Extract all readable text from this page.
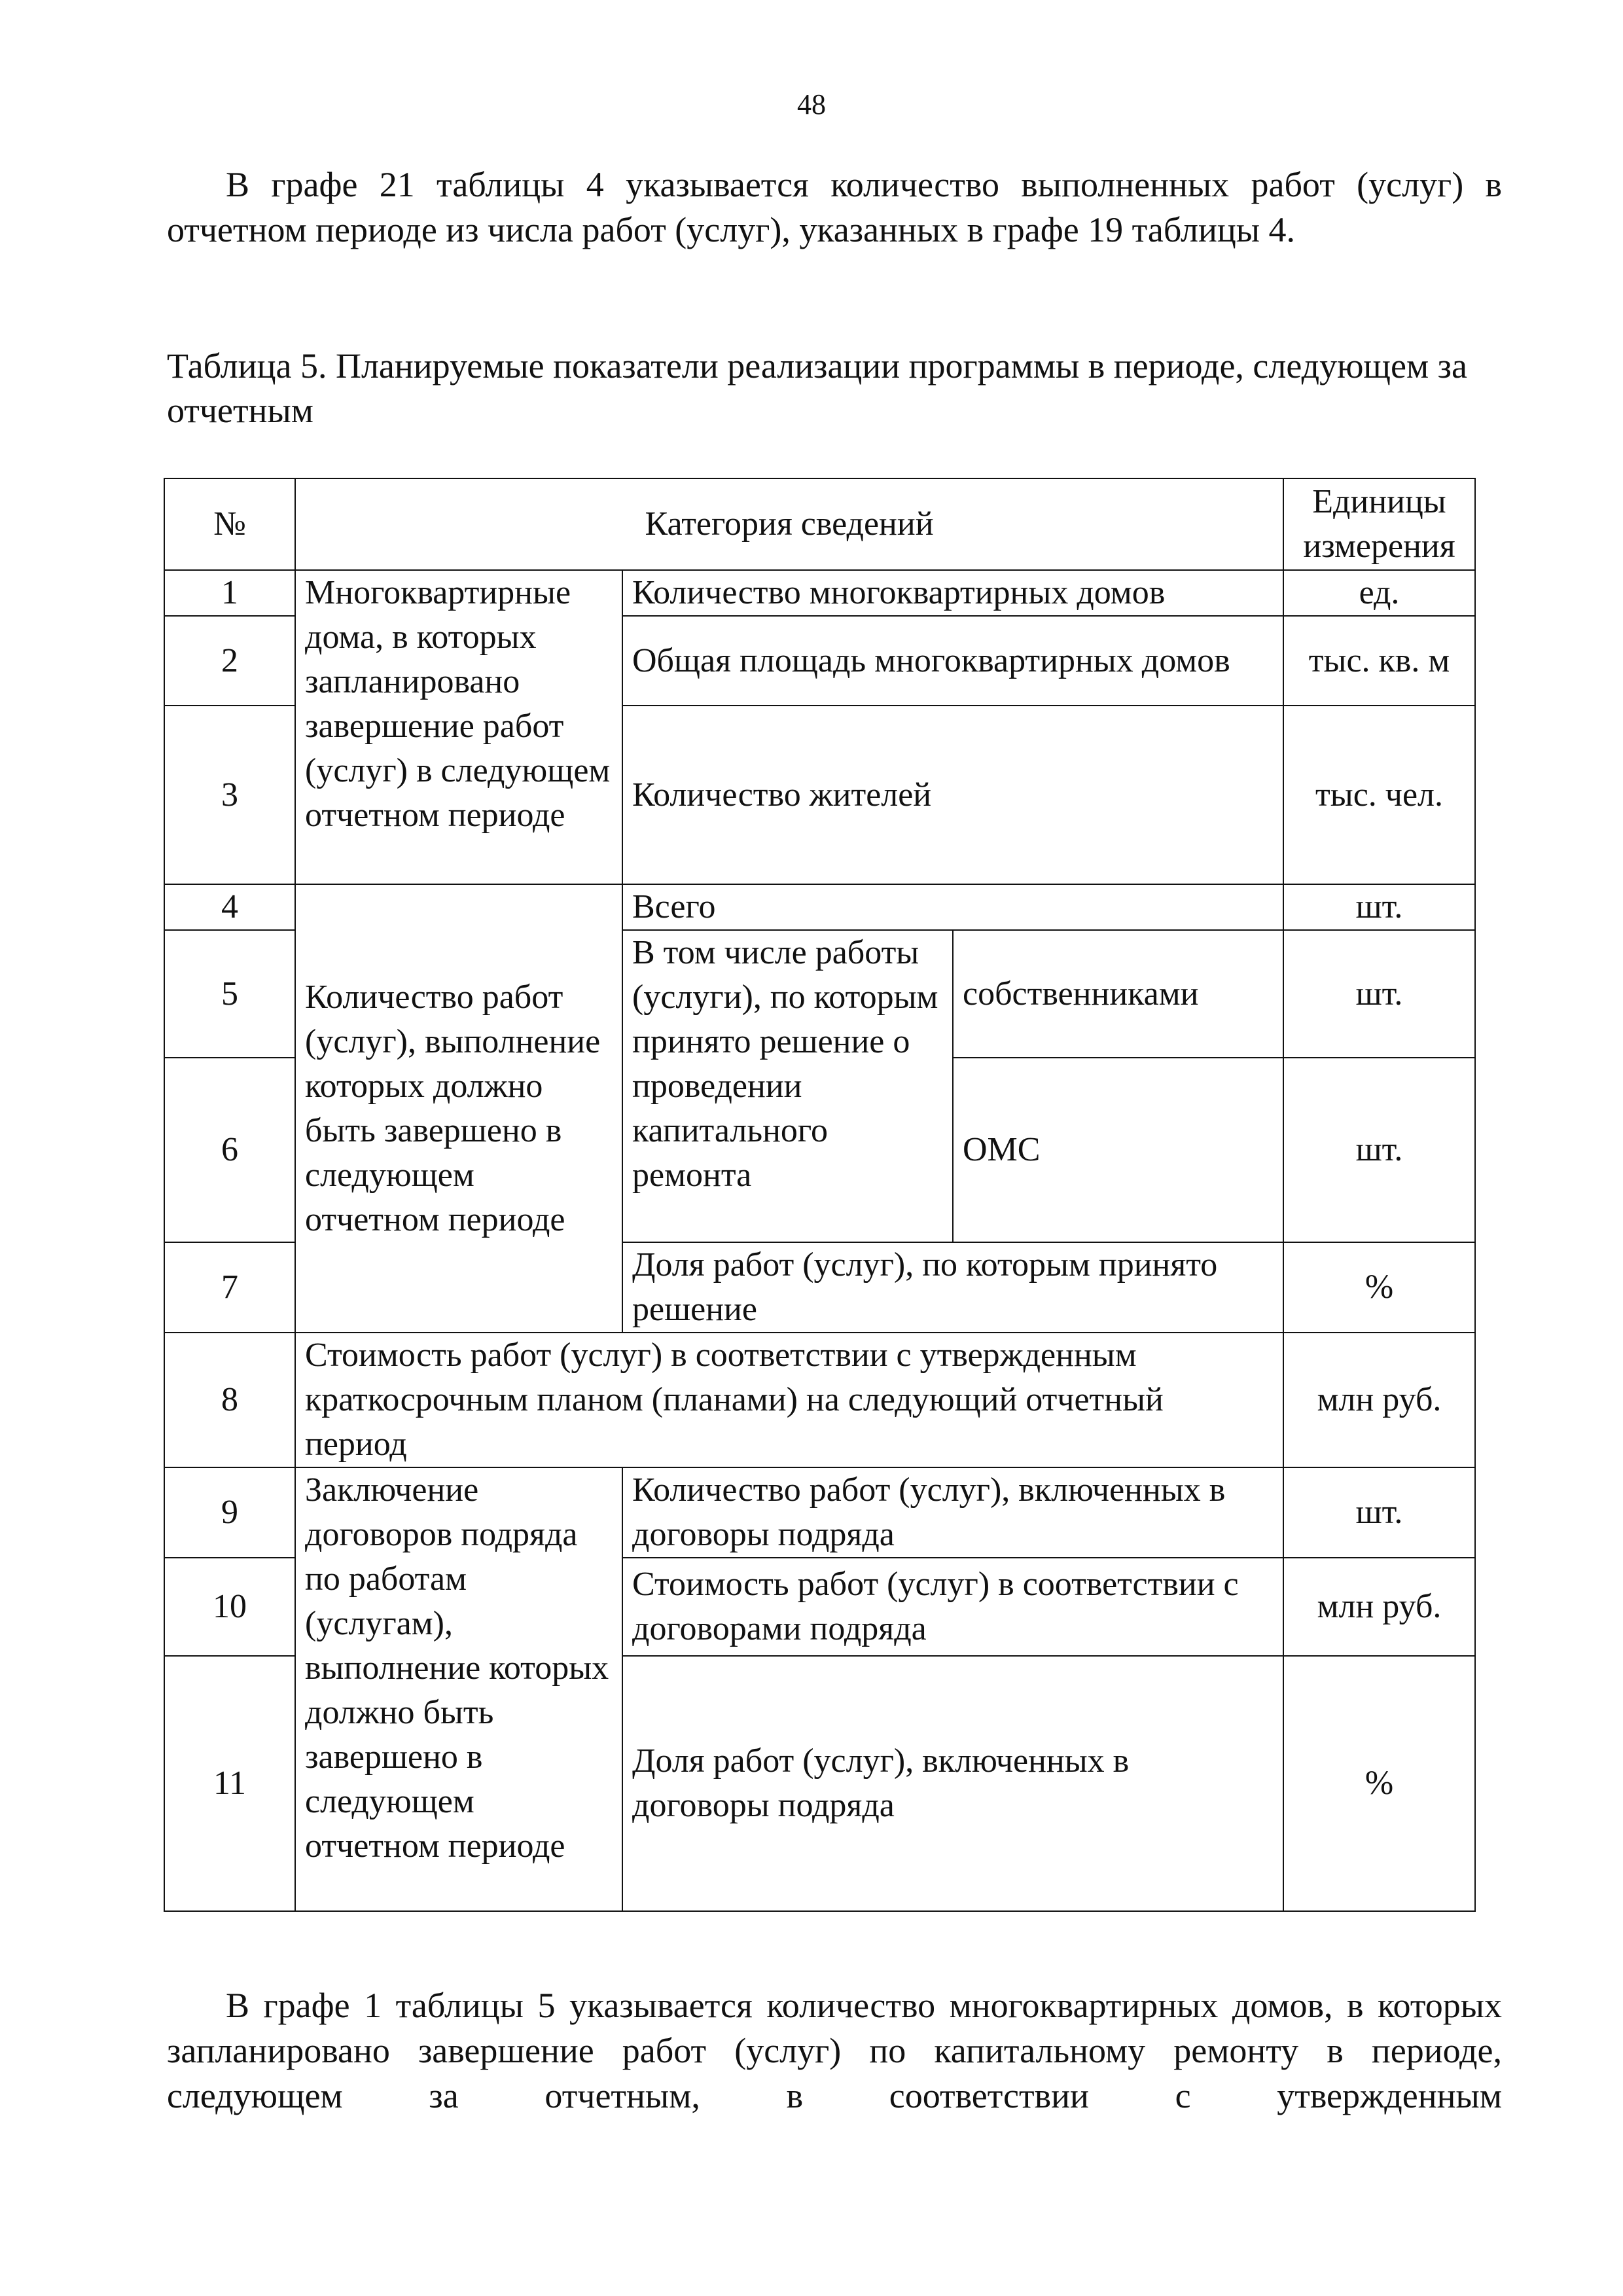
48

В графе 21 таблицы 4 указывается количество выполненных работ (услуг) в отчетном периоде из числа работ (услуг), указанных в графе 19 таблицы 4.

Таблица 5. Планируемые показатели реализации программы в периоде, следующем за отчетным

№	Категория сведений			Единицы измерения
1	Многоквартирные дома, в которых запланировано завершение работ (услуг) в следующем отчетном периоде	Количество многоквартирных домов		ед.
2		Общая площадь многоквартирных домов		тыс. кв. м
3		Количество жителей		тыс. чел.
4	Количество работ (услуг), выполнение которых должно быть завершено в следующем отчетном периоде	Всего		шт.
5		В том числе работы (услуги), по которым принято решение о проведении капитального ремонта	собственниками	шт.
6			ОМС	шт.
7		Доля работ (услуг), по которым принято решение		%
8	Стоимость работ (услуг) в соответствии с утвержденным краткосрочным планом (планами) на следующий отчетный период			млн руб.
9	Заключение договоров подряда по работам (услугам), выполнение которых должно быть завершено в следующем отчетном периоде	Количество работ (услуг), включенных в договоры подряда		шт.
10		Стоимость работ (услуг) в соответствии с договорами подряда		млн руб.
11		Доля работ (услуг), включенных в договоры подряда		%

В графе 1 таблицы 5 указывается количество многоквартирных домов, в которых запланировано завершение работ (услуг) по капитальному ремонту в периоде, следующем за отчетным, в соответствии с утвержденным
